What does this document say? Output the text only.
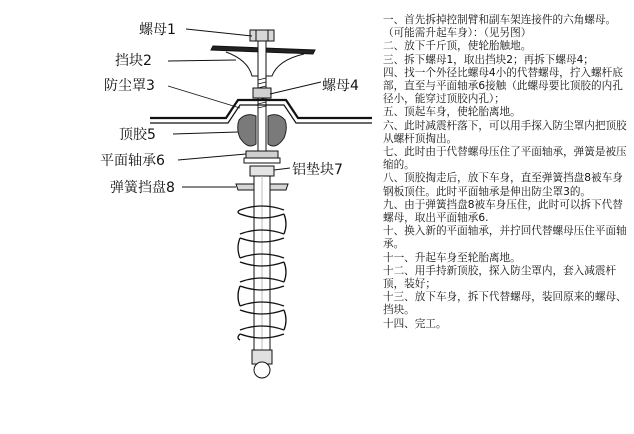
螺母1
挡块2
防尘罩3	螺母4
顶胶5
平面轴承6
铝垫块7
弹簧挡盘8

一、首先拆掉控制臂和副车架连接件的六角螺母。（可能需升起车身）：（见另图）

二、放下千斤顶，使轮胎触地。

三、拆下螺母1，取出挡块2；再拆下螺母4；

四、找一个外径比螺母4小的代替螺母，拧入螺杆底部，直至与平面轴承6接触（此螺母要比顶胶的内孔径小，能穿过顶胶内孔）；

五、顶起车身，使轮胎离地。

六、此时减震杆落下，可以用手探入防尘罩内把顶胶从螺杆顶掏出。

七、此时由于代替螺母压住了平面轴承，弹簧是被压缩的。

八、顶胶掏走后，放下车身，直至弹簧挡盘8被车身钢板顶住。此时平面轴承是伸出防尘罩3的。

九、由于弹簧挡盘8被车身压住，此时可以拆下代替螺母，取出平面轴承6.

十、换入新的平面轴承，并拧回代替螺母压住平面轴承。

十一、升起车身至轮胎离地。

十二、用手持新顶胶，探入防尘罩内，套入减震杆顶，装好；

十三、放下车身，拆下代替螺母，装回原来的螺母、挡块。

十四、完工。
